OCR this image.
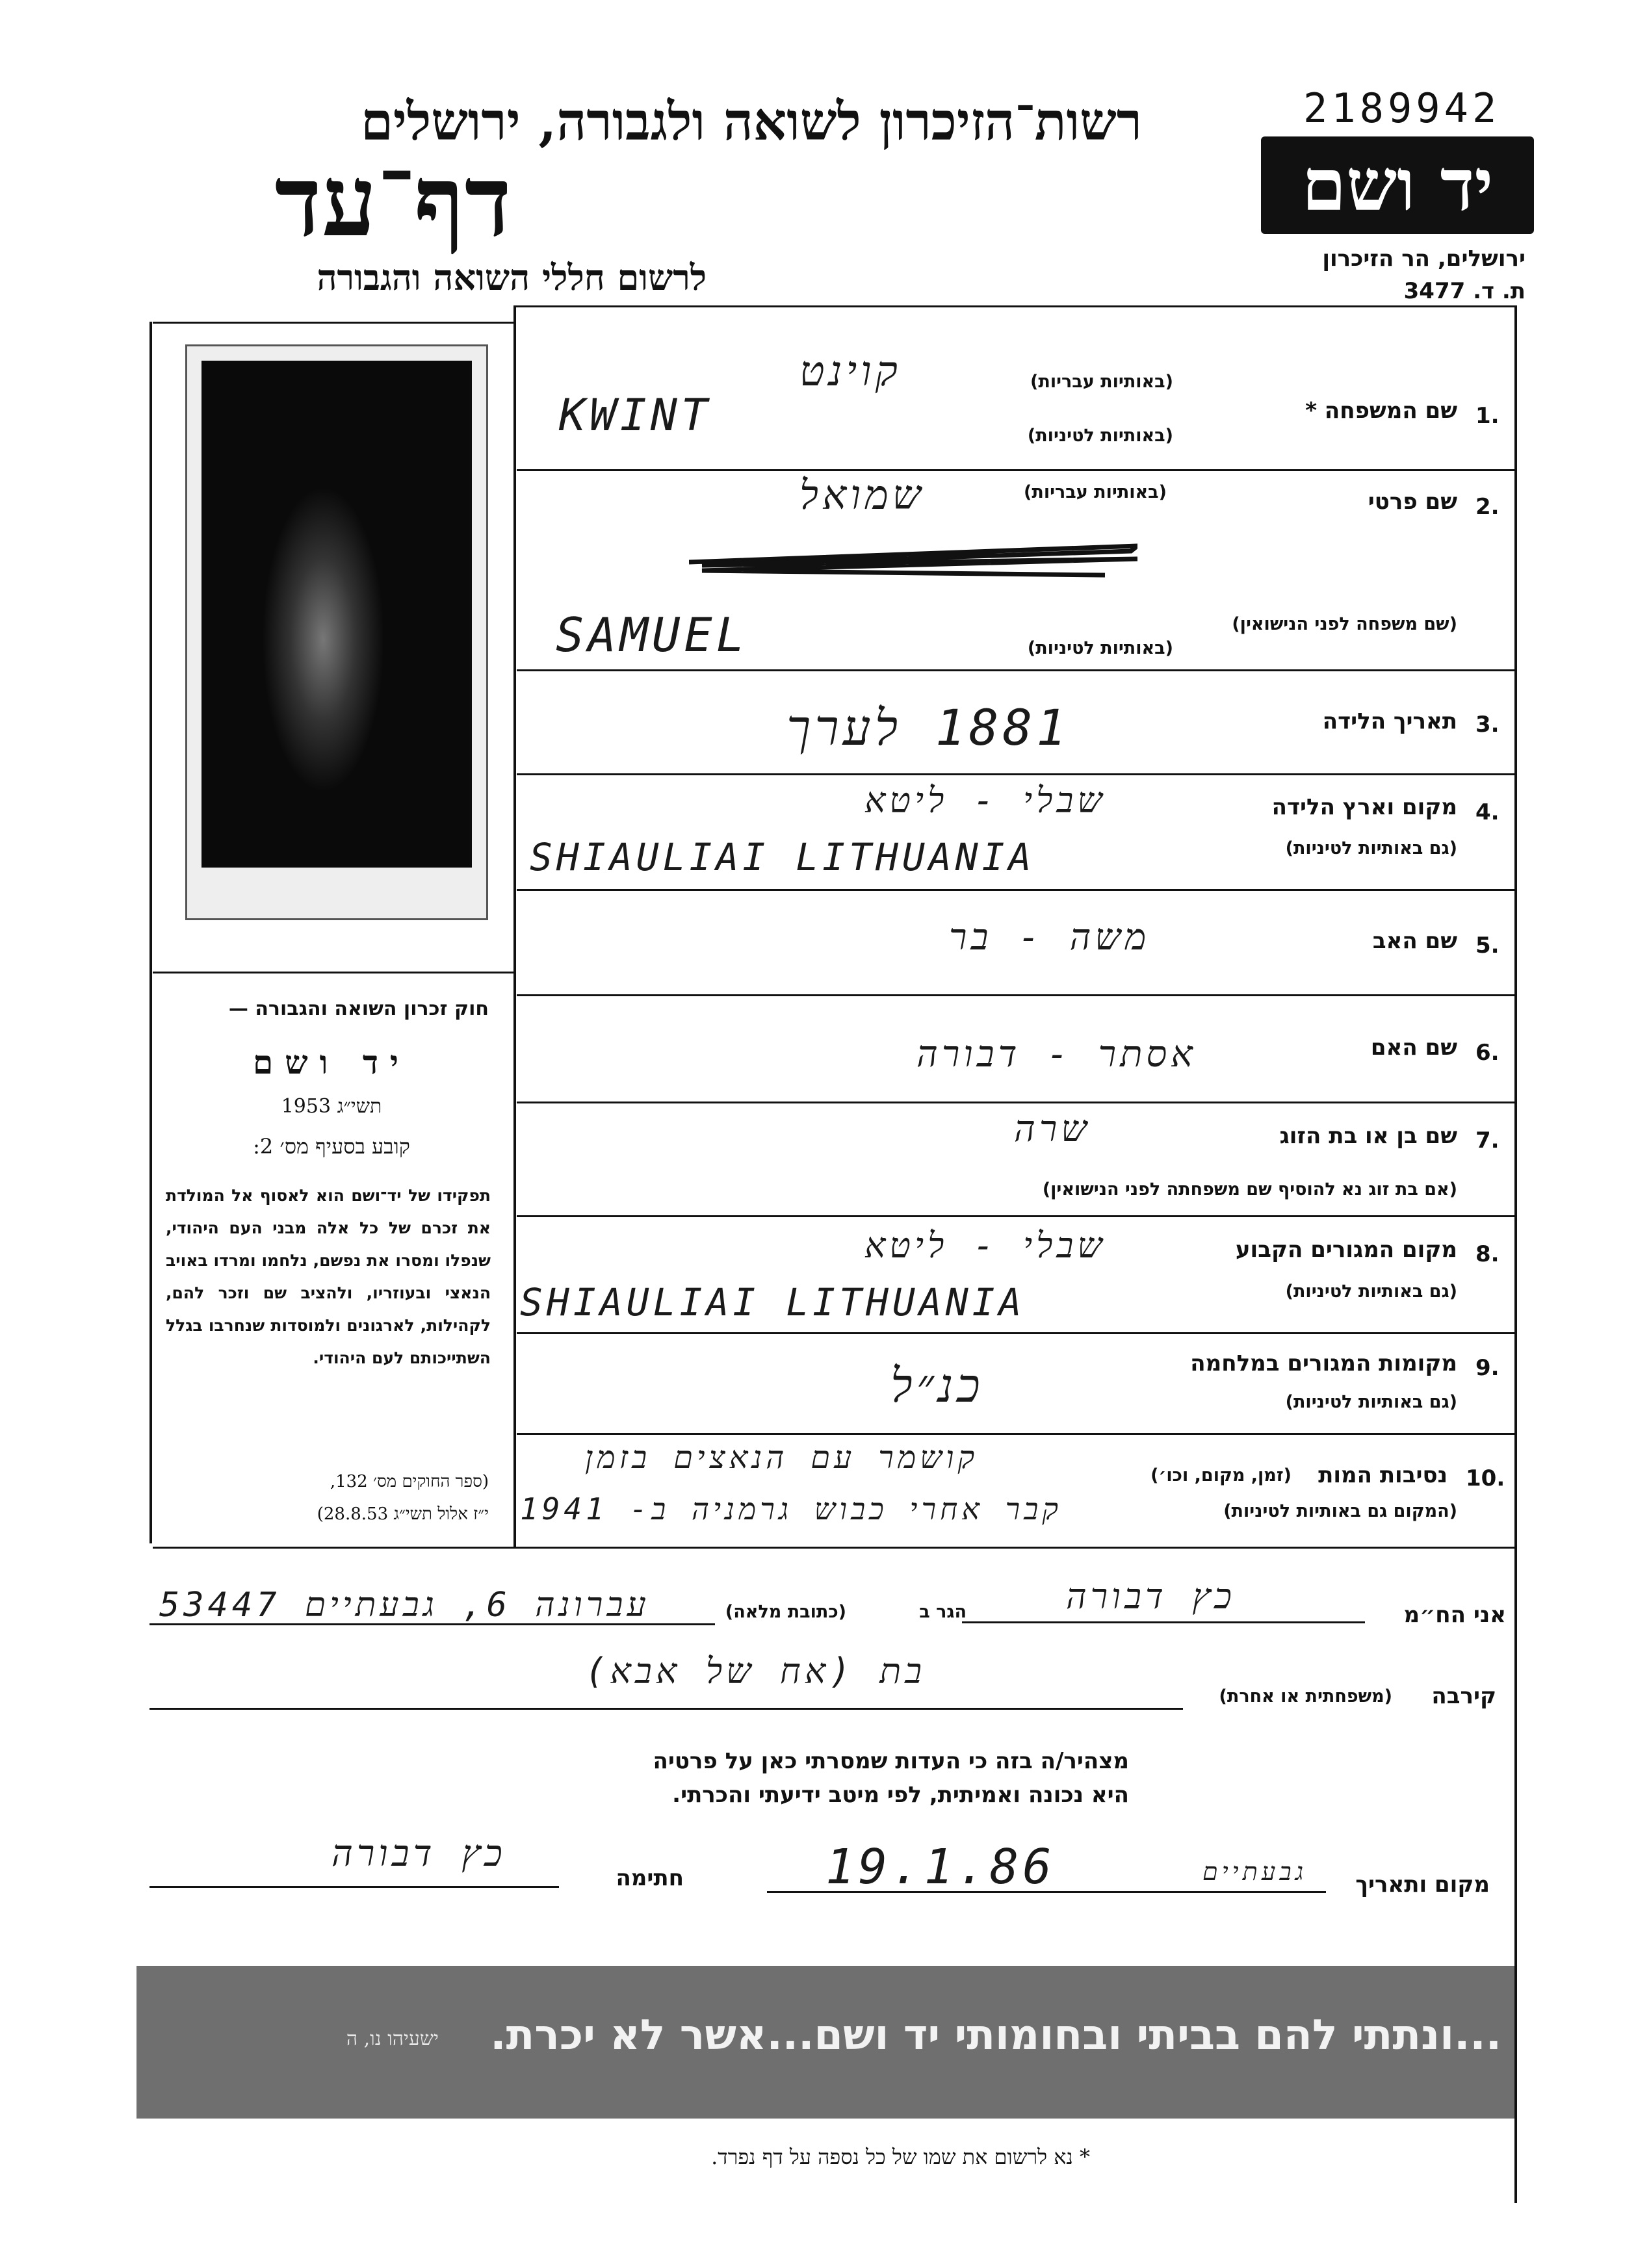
2189942
יד ושם
ירושלים, הר הזיכרון
ת. ד. 3477
רשות־הזיכרון לשואה ולגבורה, ירושלים
דף־עד
לרשום חללי השואה והגבורה
חוק זכרון השואה והגבורה —
יד ושם
תשי״ג 1953
קובע בסעיף מס׳ 2:
תפקידו של יד־ושם הוא לאסוף אל המולדת את זכרם של כל אלה מבני העם היהודי, שנפלו ומסרו את נפשם, נלחמו ומרדו באויב הנאצי ובעוזריו, ולהציב שם וזכר להם, לקהילות, לארגונים ולמוסדות שנחרבו בגלל השתייכותם לעם היהודי.
(ספר החוקים מס׳ 132,
י״ז אלול תשי״ג 28.8.53)
1.
שם המשפחה *
(באותיות עבריות)
(באותיות לטיניות)
קוינט
KWINT
2.
שם פרטי
(באותיות עבריות)
שמואל
(שם משפחה לפני הנישואין)
(באותיות לטיניות)
SAMUEL
3.
תאריך הלידה
1881 לערך
4.
מקום וארץ הלידה
(גם באותיות לטיניות)
שבלי - ליטא
SHIAULIAI LITHUANIA
5.
שם האב
משה - בר
6.
שם האם
אסתר - דבורה
7.
שם בן או בת הזוג
(אם בת זוג נא להוסיף שם משפחתה לפני הנישואין)
שרה
8.
מקום המגורים הקבוע
(גם באותיות לטיניות)
שבלי - ליטא
SHIAULIAI LITHUANIA
9.
מקומות המגורים במלחמה
(גם באותיות לטיניות)
כנ״ל
10.
נסיבות המות
(זמן, מקום, וכו׳)
(המקום גם באותיות לטיניות)
קושמר עם הנאצים בזמן
קבר אחרי כבוש גרמניה ב- 1941
אני הח״מ
כץ דבורה
הגר ב
(כתובת מלאה)
עברונה 6, גבעתיים 53447
קירבה
(משפחתית או אחרת)
בת (אח של אבא)
מצהיר/ה בזה כי העדות שמסרתי כאן על פרטיה
היא נכונה ואמיתית, לפי מיטב ידיעתי והכרתי.
מקום ותאריך
גבעתיים
19.1.86
חתימה
כץ דבורה
...ונתתי להם בביתי ובחומותי יד ושם...אשר לא יכרת.
ישעיהו נו, ה
* נא לרשום את שמו של כל נספה על דף נפרד.
